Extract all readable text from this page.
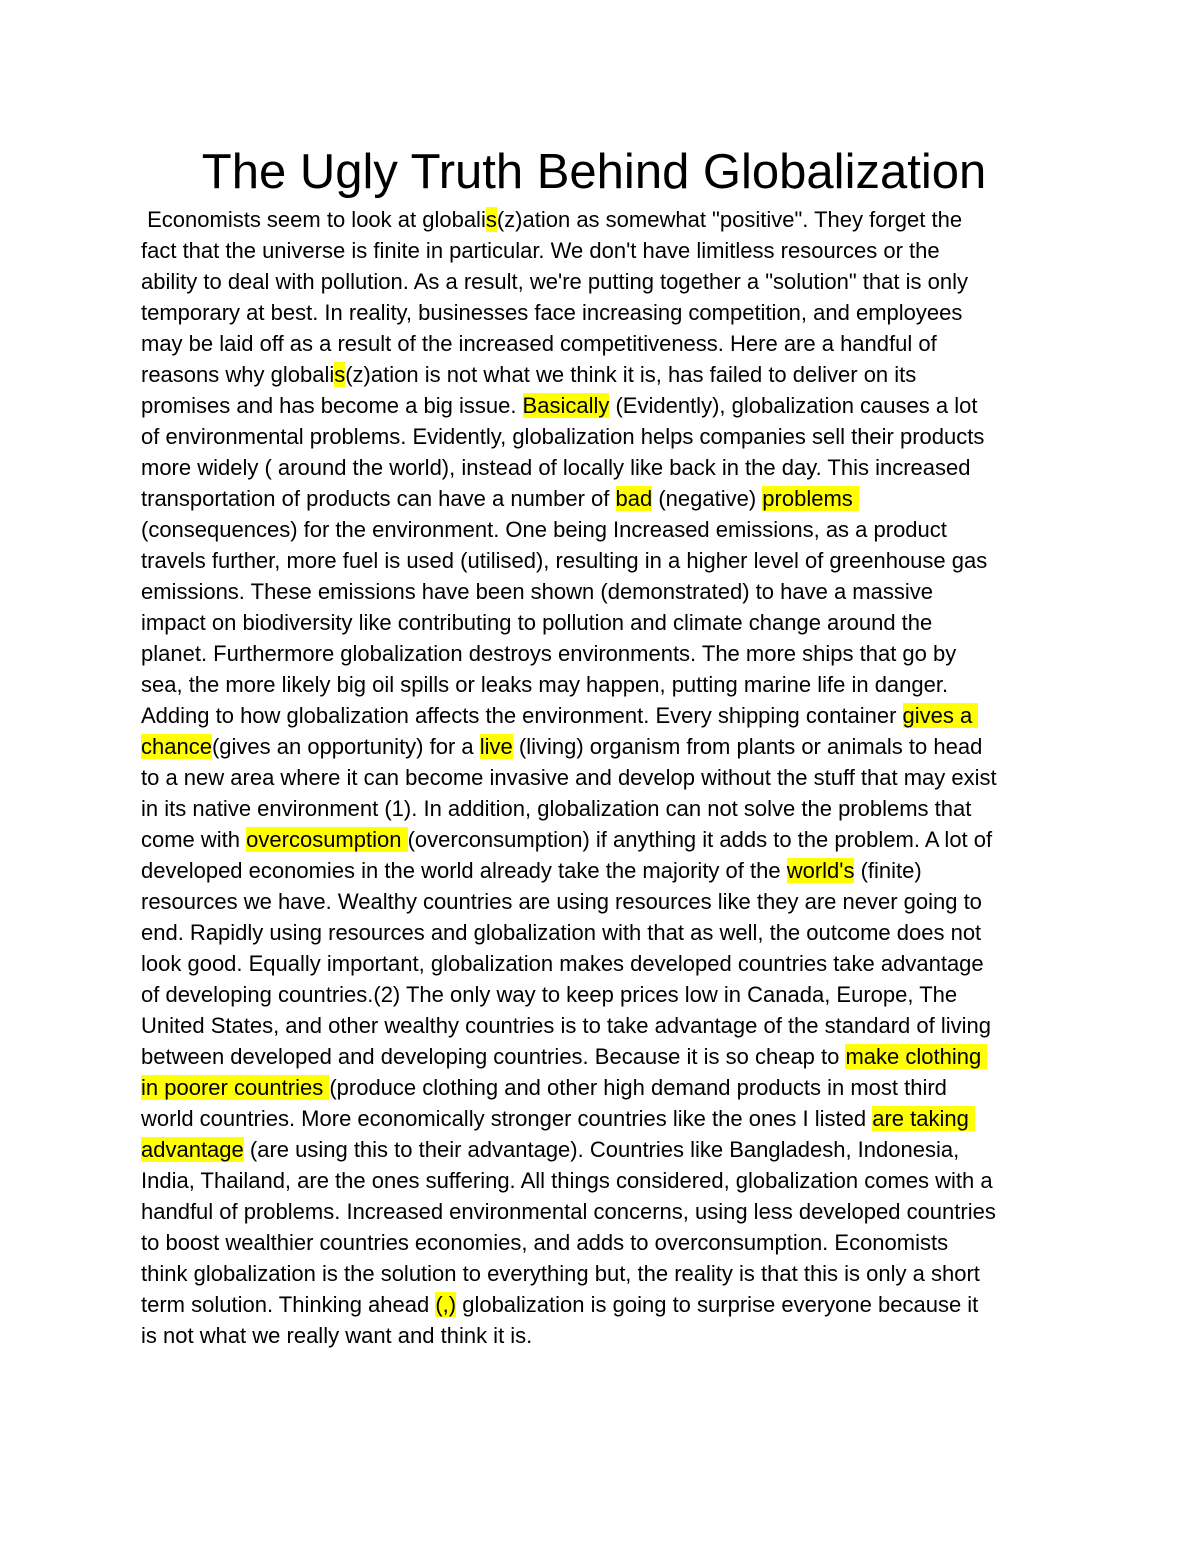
The Ugly Truth Behind Globalization
Economists seem to look at globalis(z)ation as somewhat "positive". They forget the
fact that the universe is finite in particular. We don't have limitless resources or the
ability to deal with pollution. As a result, we're putting together a "solution" that is only
temporary at best. In reality, businesses face increasing competition, and employees
may be laid off as a result of the increased competitiveness. Here are a handful of
reasons why globalis(z)ation is not what we think it is, has failed to deliver on its
promises and has become a big issue. Basically (Evidently), globalization causes a lot
of environmental problems. Evidently, globalization helps companies sell their products
more widely ( around the world), instead of locally like back in the day. This increased
transportation of products can have a number of bad (negative) problems
(consequences) for the environment. One being Increased emissions, as a product
travels further, more fuel is used (utilised), resulting in a higher level of greenhouse gas
emissions. These emissions have been shown (demonstrated) to have a massive
impact on biodiversity like contributing to pollution and climate change around the
planet. Furthermore globalization destroys environments. The more ships that go by
sea, the more likely big oil spills or leaks may happen, putting marine life in danger.
Adding to how globalization affects the environment. Every shipping container gives a
chance(gives an opportunity) for a live (living) organism from plants or animals to head
to a new area where it can become invasive and develop without the stuff that may exist
in its native environment (1). In addition, globalization can not solve the problems that
come with overcosumption (overconsumption) if anything it adds to the problem. A lot of
developed economies in the world already take the majority of the world's (finite)
resources we have. Wealthy countries are using resources like they are never going to
end. Rapidly using resources and globalization with that as well, the outcome does not
look good. Equally important, globalization makes developed countries take advantage
of developing countries.(2) The only way to keep prices low in Canada, Europe, The
United States, and other wealthy countries is to take advantage of the standard of living
between developed and developing countries. Because it is so cheap to make clothing
in poorer countries (produce clothing and other high demand products in most third
world countries. More economically stronger countries like the ones I listed are taking
advantage (are using this to their advantage). Countries like Bangladesh, Indonesia,
India, Thailand, are the ones suffering. All things considered, globalization comes with a
handful of problems. Increased environmental concerns, using less developed countries
to boost wealthier countries economies, and adds to overconsumption. Economists
think globalization is the solution to everything but, the reality is that this is only a short
term solution. Thinking ahead (,) globalization is going to surprise everyone because it
is not what we really want and think it is.
